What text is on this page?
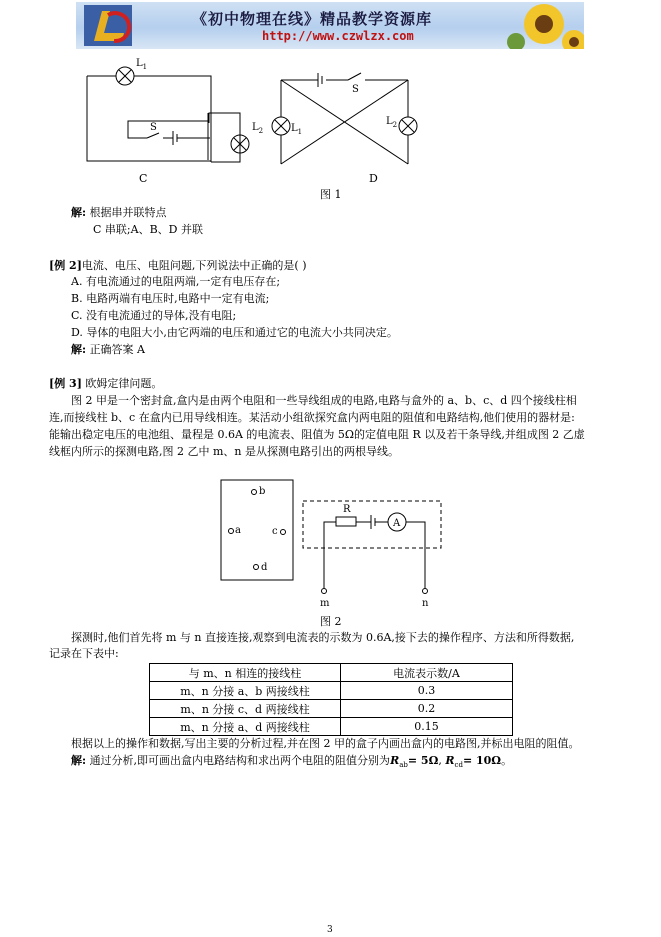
《初中物理在线》精品教学资源库
http://www.czwlzx.com
$L_1$
$L_2$
S
C
$L_1$
$L_2$
S
D
图 1
解: 根据串并联特点
C 串联;A、B、D 并联
[例 2]电流、电压、电阻问题,下列说法中正确的是( )
A. 有电流通过的电阻两端,一定有电压存在;
B. 电路两端有电压时,电路中一定有电流;
C. 没有电流通过的导体,没有电阻;
D. 导体的电阻大小,由它两端的电压和通过它的电流大小共同决定。
解: 正确答案 A
[例 3] 欧姆定律问题。
图 2 甲是一个密封盒,盒内是由两个电阻和一些导线组成的电路,电路与盒外的 a、b、c、d 四个接线柱相
连,而接线柱 b、c 在盒内已用导线相连。某活动小组欲探究盒内两电阻的阻值和电路结构,他们使用的器材是:
能输出稳定电压的电池组、量程是 0.6A 的电流表、阻值为 5Ω的定值电阻 R 以及若干条导线,并组成图 2 乙虚
线框内所示的探测电路,图 2 乙中 m、n 是从探测电路引出的两根导线。
b
a	c
d
R
A
m	n
图 2
探测时,他们首先将 m 与 n 直接连接,观察到电流表的示数为 0.6A,接下去的操作程序、方法和所得数据,
记录在下表中:
与 m、n 相连的接线柱	电流表示数/A
m、n 分接 a、b 两接线柱	0.3
m、n 分接 c、d 两接线柱	0.2
m、n 分接 a、d 两接线柱	0.15
根据以上的操作和数据,写出主要的分析过程,并在图 2 甲的盒子内画出盒内的电路图,并标出电阻的阻值。
解: 通过分析,即可画出盒内电路结构和求出两个电阻的阻值分别为$R_{ab}= 5\Omega$, $R_{cd}= 10\Omega$。
3
